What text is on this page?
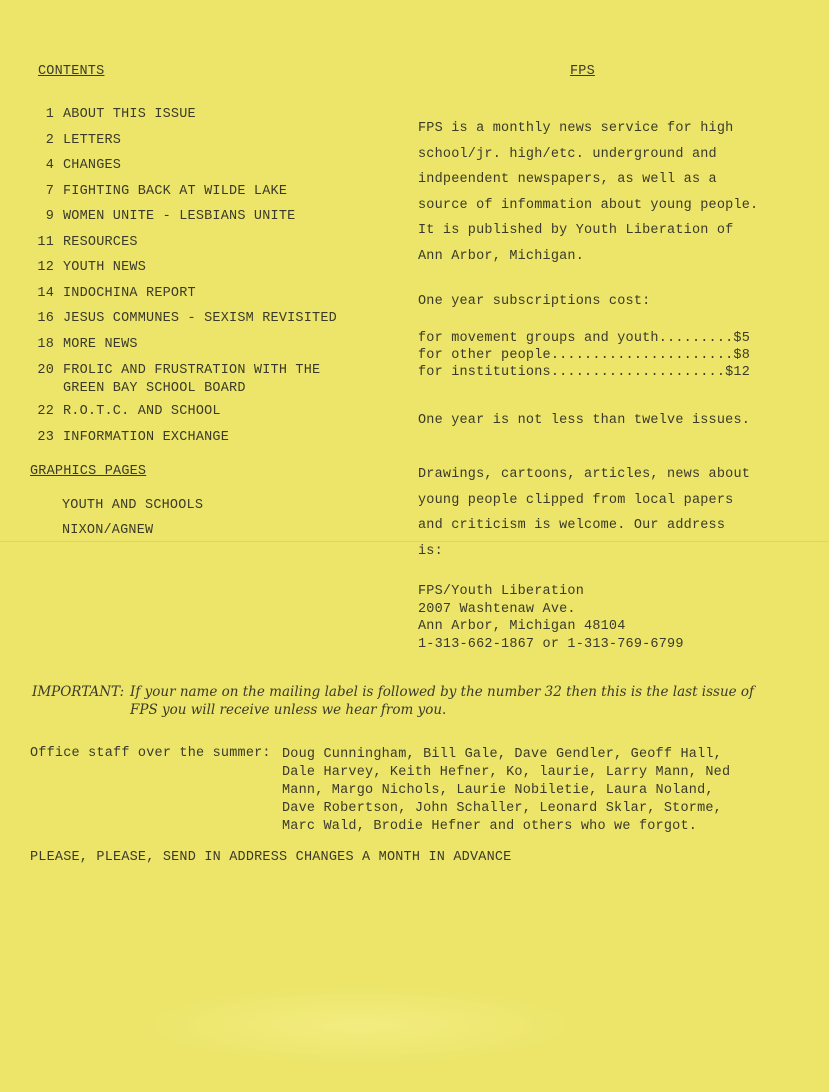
CONTENTS
1 ABOUT THIS ISSUE
2 LETTERS
4 CHANGES
7 FIGHTING BACK AT WILDE LAKE
9 WOMEN UNITE - LESBIANS UNITE
11 RESOURCES
12 YOUTH NEWS
14 INDOCHINA REPORT
16 JESUS COMMUNES - SEXISM REVISITED
18 MORE NEWS
20 FROLIC AND FRUSTRATION WITH THE
GREEN BAY SCHOOL BOARD
22 R.O.T.C. AND SCHOOL
23 INFORMATION EXCHANGE
GRAPHICS PAGES
YOUTH AND SCHOOLS
NIXON/AGNEW
FPS
FPS is a monthly news service for high
school/jr. high/etc. underground and
indpeendent newspapers, as well as a
source of infommation about young people.
It is published by Youth Liberation of
Ann Arbor, Michigan.
One year subscriptions cost:
for movement groups and youth .....	$5
for other people .....	$8
for institutions .....	$12
One year is not less than twelve issues.
Drawings, cartoons, articles, news about
young people clipped from local papers
and criticism is welcome. Our address
is:
FPS/Youth Liberation
2007 Washtenaw Ave.
Ann Arbor, Michigan 48104
1-313-662-1867 or 1-313-769-6799
IMPORTANT: If your name on the mailing label is followed by the number 32 then this is the last issue of FPS you will receive unless we hear from you.
Office staff over the summer: Doug Cunningham, Bill Gale, Dave Gendler, Geoff Hall,
Dale Harvey, Keith Hefner, Ko, laurie, Larry Mann, Ned
Mann, Margo Nichols, Laurie Nobiletie, Laura Noland,
Dave Robertson, John Schaller, Leonard Sklar, Storme,
Marc Wald, Brodie Hefner and others who we forgot.
PLEASE, PLEASE, SEND IN ADDRESS CHANGES A MONTH IN ADVANCE
